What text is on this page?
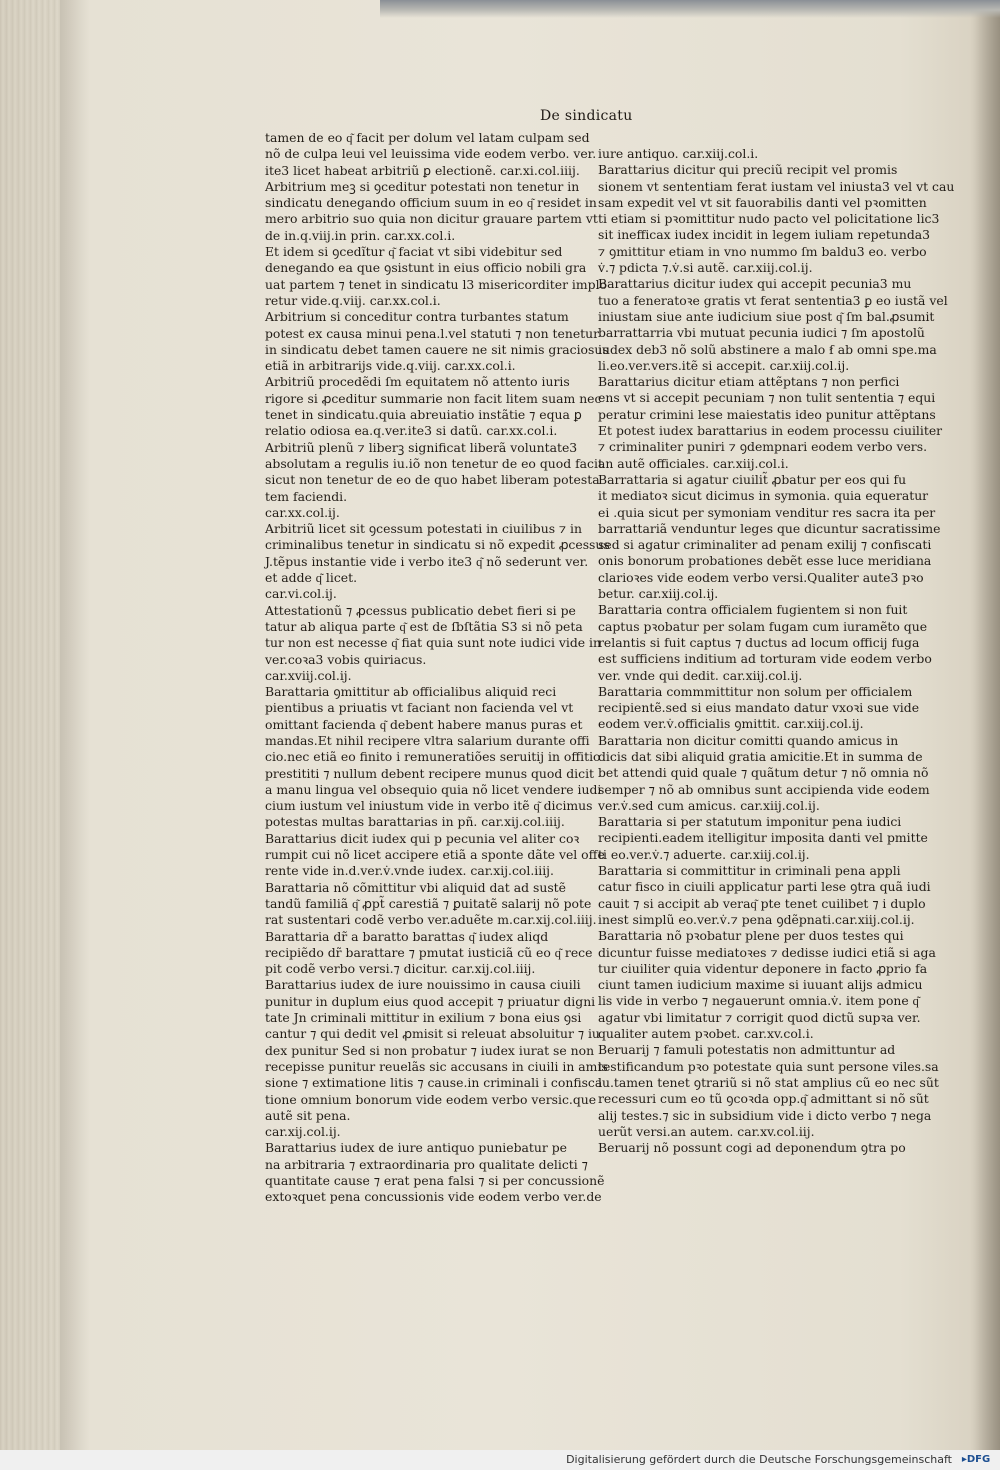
De sindicatu
tamen de eo q͂ facit per dolum vel latam culpam sed
nõ de culpa leui vel leuissima vide eodem verbo. ver.
ite3 licet habeat arbitriũ ꝑ electionẽ. car.xi.col.iiij.
Arbitrium meꝫ si ꝯceditur potestati non tenetur in
sindicatu denegando officium suum in eo q͂ residet in
mero arbitrio suo quia non dicitur grauare partem vt
de in.q.viij.in prin. car.xx.col.i.
Et idem si ꝯcedĩtur q͂ faciat vt sibi videbitur sed
denegando ea que ꝯsistunt in eius officio nobili gra
uat partem ⁊ tenet in sindicatu l3 misericorditer implo
retur vide.q.viij. car.xx.col.i.
Arbitrium si conceditur contra turbantes statum
potest ex causa minui pena.l.vel statuti ⁊ non tenetur
in sindicatu debet tamen cauere ne sit nimis graciosus
etiã in arbitrarijs vide.q.viij. car.xx.col.i.
Arbitriũ procedẽdi ſm equitatem nõ attento iuris
rigore si ꝓceditur summarie non facit litem suam nec
tenet in sindicatu.quia abreuiatio instãtie ⁊ equa ꝑ
relatio odiosa ea.q.ver.ite3 si datũ. car.xx.col.i.
Arbitriũ plenũ ⁊ liberꝫ significat liberã voluntate3
absolutam a regulis iu.iõ non tenetur de eo quod facit
sicut non tenetur de eo de quo habet liberam potesta
tem faciendi.
car.xx.col.ij.
Arbitriũ licet sit ꝯcessum potestati in ciuilibus ⁊ in
criminalibus tenetur in sindicatu si nõ expedit ꝓcessus
J.tẽpus instantie vide i verbo ite3 q͂ nõ sederunt ver.
et adde q͂ licet.
car.vi.col.ij.
Attestationũ ⁊ ꝓcessus publicatio debet fieri si pe
tatur ab aliqua parte q͂ est de ſbſtãtia S3 si nõ peta
tur non est necesse q͂ fiat quia sunt note iudici vide in
ver.coꝛa3 vobis quiriacus.
car.xviij.col.ij.
Barattaria ꝯmittitur ab officialibus aliquid reci
pientibus a priuatis vt faciant non facienda vel vt
omittant facienda q͂ debent habere manus puras et
mandas.Et nihil recipere vltra salarium durante offi
cio.nec etiã eo finito i remuneratiões seruitij in offitio
prestititi ⁊ nullum debent recipere munus quod dicit
a manu lingua vel obsequio quia nõ licet vendere iudi
cium iustum vel iniustum vide in verbo itẽ q͂ dicimus
potestas multas barattarias in pñ. car.xij.col.iiij.
Barattarius dicit iudex qui p pecunia vel aliter coꝛ
rumpit cui nõ licet accipere etiã a sponte dãte vel offe
rente vide in.d.ver.v̇.vnde iudex. car.xij.col.iiij.
Barattaria nõ cõmittitur vbi aliquid dat ad sustẽ
tandũ familiã q͂ ꝓpt̃ carestiã ⁊ ꝑuitatẽ salarij nõ pote
rat sustentari codẽ verbo ver.aduẽte m.car.xij.col.iiij.
Barattaria dr̃ a baratto barattas q͂ iudex aliqd
recipiẽdo dr̃ barattare ⁊ pmutat iusticiã cũ eo q͂ rece
pit codẽ verbo versi.⁊ dicitur. car.xij.col.iiij.
Barattarius iudex de iure nouissimo in causa ciuili
punitur in duplum eius quod accepit ⁊ priuatur digni
tate Jn criminali mittitur in exilium ⁊ bona eius ꝯsi
cantur ⁊ qui dedit vel ꝓmisit si releuat absoluitur ⁊ iu
dex punitur Sed si non probatur ⁊ iudex iurat se non
recepisse punitur reuelãs sic accusans in ciuili in amis
sione ⁊ extimatione litis ⁊ cause.in criminali i confisca
tione omnium bonorum vide eodem verbo versic.que
autẽ sit pena.
car.xij.col.ij.
Barattarius iudex de iure antiquo puniebatur pe
na arbitraria ⁊ extraordinaria pro qualitate delicti ⁊
quantitate cause ⁊ erat pena falsi ⁊ si per concussionẽ
extoꝛquet pena concussionis vide eodem verbo ver.de
iure antiquo. car.xiij.col.i.
Barattarius dicitur qui preciũ recipit vel promis
sionem vt sententiam ferat iustam vel iniusta3 vel vt cau
sam expedit vel vt sit fauorabilis danti vel pꝛomitten
ti etiam si pꝛomittitur nudo pacto vel policitatione lic3
sit inefficax iudex incidit in legem iuliam repetunda3
⁊ ꝯmittitur etiam in vno nummo ſm baldu3 eo. verbo
v̇.⁊ pdicta ⁊.v̇.si autẽ. car.xiij.col.ij.
Barattarius dicitur iudex qui accepit pecunia3 mu
tuo a feneratoꝛe gratis vt ferat sententia3 ꝑ eo iustã vel
iniustam siue ante iudicium siue post q͂ ſm bal.ꝓsumit
barrattarria vbi mutuat pecunia iudici ⁊ ſm apostolũ
iudex deb3 nõ solũ abstinere a malo ẜ ab omni spe.ma
li.eo.ver.vers.itẽ si accepit. car.xiij.col.ij.
Barattarius dicitur etiam attẽptans ⁊ non perfici
ens vt si accepit pecuniam ⁊ non tulit sententia ⁊ equi
peratur crimini lese maiestatis ideo punitur attẽptans
Et potest iudex barattarius in eodem processu ciuiliter
⁊ criminaliter puniri ⁊ ꝯdempnari eodem verbo vers.
an autẽ officiales. car.xiij.col.i.
Barrattaria si agatur ciuilit̃ ꝓbatur per eos qui fu
it mediatoꝛ sicut dicimus in symonia. quia equeratur
ei .quia sicut per symoniam venditur res sacra ita per
barrattariã venduntur leges que dicuntur sacratissime
sed si agatur criminaliter ad penam exilij ⁊ confiscati
onis bonorum probationes debẽt esse luce meridiana
clarioꝛes vide eodem verbo versi.Qualiter aute3 pꝛo
betur. car.xiij.col.ij.
Barattaria contra officialem fugientem si non fuit
captus pꝛobatur per solam fugam cum iuramẽto que
relantis si fuit captus ⁊ ductus ad locum officij fuga
est sufficiens inditium ad torturam vide eodem verbo
ver. vnde qui dedit. car.xiij.col.ij.
Barattaria commmittitur non solum per officialem
recipientẽ.sed si eius mandato datur vxoꝛi sue vide
eodem ver.v̇.officialis ꝯmittit. car.xiij.col.ij.
Barattaria non dicitur comitti quando amicus in
dicis dat sibi aliquid gratia amicitie.Et in summa de
bet attendi quid quale ⁊ quãtum detur ⁊ nõ omnia nõ
semper ⁊ nõ ab omnibus sunt accipienda vide eodem
ver.v̇.sed cum amicus. car.xiij.col.ij.
Barattaria si per statutum imponitur pena iudici
recipienti.eadem itelligitur imposita danti vel pmitte
ti eo.ver.v̇.⁊ aduerte. car.xiij.col.ij.
Barattaria si committitur in criminali pena appli
catur fisco in ciuili applicatur parti lese ꝯtra quã iudi
cauit ⁊ si accipit ab veraq͂ pte tenet cuilibet ⁊ i duplo
inest simplũ eo.ver.v̇.⁊ pena ꝯdẽpnati.car.xiij.col.ij.
Barattaria nõ pꝛobatur plene per duos testes qui
dicuntur fuisse mediatoꝛes ⁊ dedisse iudici etiã si aga
tur ciuiliter quia videntur deponere in facto ꝓprio fa
ciunt tamen iudicium maxime si iuuant alijs admicu
lis vide in verbo ⁊ negauerunt omnia.v̇. item pone q͂
agatur vbi limitatur ⁊ corrigit quod dictũ supꝛa ver.
qualiter autem pꝛobet. car.xv.col.i.
Beruarij ⁊ famuli potestatis non admittuntur ad
testificandum pꝛo potestate quia sunt persone viles.sa
lu.tamen tenet ꝯtrariũ si nõ stat amplius cũ eo nec sũt
recessuri cum eo tũ ꝯcoꝛda opp.q͂ admittant si nõ sũt
alij testes.⁊ sic in subsidium vide i dicto verbo ⁊ nega
uerũt versi.an autem. car.xv.col.iij.
Beruarij nõ possunt cogi ad deponendum ꝯtra po
Digitalisierung gefördert durch die Deutsche Forschungsgemeinschaft ▸DFG
